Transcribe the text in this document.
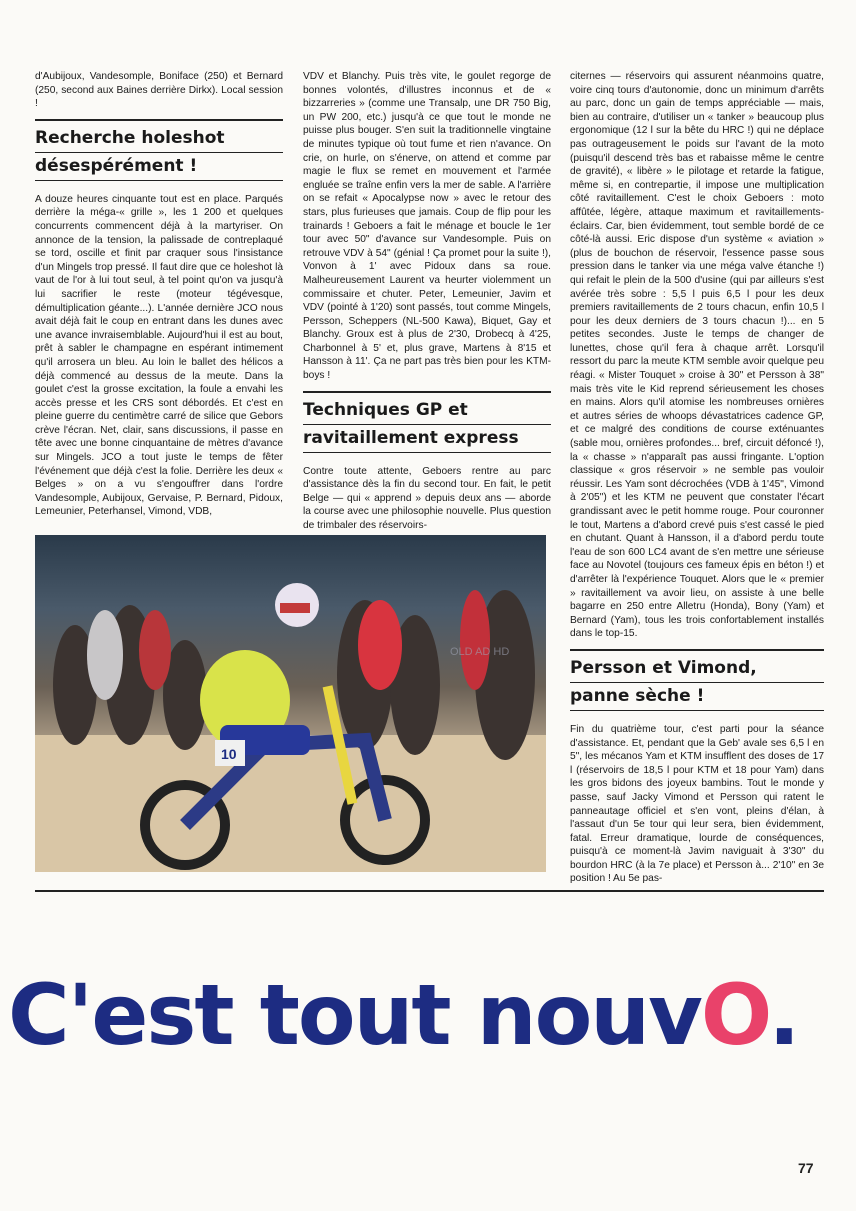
d'Aubijoux, Vandesomple, Boniface (250) et Bernard (250, second aux Baines derrière Dirkx). Local session !

Recherche holeshot
désespérément !

A douze heures cinquante tout est en place. Parqués derrière la méga-« grille », les 1 200 et quelques concurrents commencent déjà à la martyriser. On annonce de la tension, la palissade de contreplaqué se tord, oscille et finit par craquer sous l'insistance d'un Mingels trop pressé. Il faut dire que ce holeshot là vaut de l'or à lui tout seul, à tel point qu'on va jusqu'à lui sacrifier le reste (moteur tégévesque, démultiplication géante...). L'année dernière JCO nous avait déjà fait le coup en entrant dans les dunes avec une avance invraisemblable. Aujourd'hui il est au bout, prêt à sabler le champagne en espérant intimement qu'il arrosera un bleu. Au loin le ballet des hélicos a déjà commencé au dessus de la meute. Dans la goulet c'est la grosse excitation, la foule a envahi les accès presse et les CRS sont débordés. Et c'est en pleine guerre du centimètre carré de silice que Gebors crève l'écran. Net, clair, sans discussions, il passe en tête avec une bonne cinquantaine de mètres d'avance sur Mingels. JCO a tout juste le temps de fêter l'événement que déjà c'est la folie. Derrière les deux « Belges » on a vu s'engouffrer dans l'ordre Vandesomple, Aubijoux, Gervaise, P. Bernard, Pidoux, Lemeunier, Peterhansel, Vimond, VDB,

VDV et Blanchy. Puis très vite, le goulet regorge de bonnes volontés, d'illustres inconnus et de « bizzarreries » (comme une Transalp, une DR 750 Big, un PW 200, etc.) jusqu'à ce que tout le monde ne puisse plus bouger. S'en suit la traditionnelle vingtaine de minutes typique où tout fume et rien n'avance. On crie, on hurle, on s'énerve, on attend et comme par magie le flux se remet en mouvement et l'armée engluée se traîne enfin vers la mer de sable. A l'arrière on se refait « Apocalypse now » avec le retour des stars, plus furieuses que jamais. Coup de flip pour les trainards ! Geboers a fait le ménage et boucle le 1er tour avec 50" d'avance sur Vandesomple. Puis on retrouve VDV à 54" (génial ! Ça promet pour la suite !), Vonvon à 1' avec Pidoux dans sa roue. Malheureusement Laurent va heurter violemment un commissaire et chuter. Peter, Lemeunier, Javim et VDV (pointé à 1'20) sont passés, tout comme Mingels, Persson, Scheppers (NL-500 Kawa), Biquet, Gay et Blanchy. Groux est à plus de 2'30, Drobecq à 4'25, Charbonnel à 5' et, plus grave, Martens à 8'15 et Hansson à 11'. Ça ne part pas très bien pour les KTM-boys !

Techniques GP et
ravitaillement express

Contre toute attente, Geboers rentre au parc d'assistance dès la fin du second tour. En fait, le petit Belge — qui « apprend » depuis deux ans — aborde la course avec une philosophie nouvelle. Plus question de trimbaler des réservoirs-

citernes — réservoirs qui assurent néanmoins quatre, voire cinq tours d'autonomie, donc un minimum d'arrêts au parc, donc un gain de temps appréciable — mais, bien au contraire, d'utiliser un « tanker » beaucoup plus ergonomique (12 l sur la bête du HRC !) qui ne déplace pas outrageusement le poids sur l'avant de la moto (puisqu'il descend très bas et rabaisse même le centre de gravité), « libère » le pilotage et retarde la fatigue, même si, en contrepartie, il impose une multiplication côté ravitaillement. C'est le choix Geboers : moto affûtée, légère, attaque maximum et ravitaillements-éclairs. Car, bien évidemment, tout semble bordé de ce côté-là aussi. Eric dispose d'un système « aviation » (plus de bouchon de réservoir, l'essence passe sous pression dans le tanker via une méga valve étanche !) qui refait le plein de la 500 d'usine (qui par ailleurs s'est avérée très sobre : 5,5 l puis 6,5 l pour les deux premiers ravitaillements de 2 tours chacun, enfin 10,5 l pour les deux derniers de 3 tours chacun !)... en 5 petites secondes. Juste le temps de changer de lunettes, chose qu'il fera à chaque arrêt. Lorsqu'il ressort du parc la meute KTM semble avoir quelque peu réagi. « Mister Touquet » croise à 30" et Persson à 38" mais très vite le Kid reprend sérieusement les choses en mains. Alors qu'il atomise les nombreuses ornières et autres séries de whoops dévastatrices cadence GP, et ce malgré des conditions de course exténuantes (sable mou, ornières profondes... bref, circuit défoncé !), la « chasse » n'apparaît pas aussi fringante. L'option classique « gros réservoir » ne semble pas vouloir réussir. Les Yam sont décrochées (VDB à 1'45", Vimond à 2'05") et les KTM ne peuvent que constater l'écart grandissant avec le petit homme rouge. Pour couronner le tout, Martens a d'abord crevé puis s'est cassé le pied en chutant. Quant à Hansson, il a d'abord perdu toute l'eau de son 600 LC4 avant de s'en mettre une sérieuse face au Novotel (toujours ces fameux épis en béton !) et d'arrêter là l'expérience Touquet. Alors que le « premier » ravitaillement va avoir lieu, on assiste à une belle bagarre en 250 entre Alletru (Honda), Bony (Yam) et Bernard (Yam), tous les trois confortablement installés dans le top-15.

Persson et Vimond,
panne sèche !

Fin du quatrième tour, c'est parti pour la séance d'assistance. Et, pendant que la Geb' avale ses 6,5 l en 5", les mécanos Yam et KTM insufflent des doses de 17 l (réservoirs de 18,5 l pour KTM et 18 pour Yam) dans les gros bidons des joyeux bambins. Tout le monde y passe, sauf Jacky Vimond et Persson qui ratent le panneautage officiel et s'en vont, pleins d'élan, à l'assaut d'un 5e tour qui leur sera, bien évidemment, fatal. Erreur dramatique, lourde de conséquences, puisqu'à ce moment-là Javim naviguait à 3'30" du bourdon HRC (à la 7e place) et Persson à... 2'10" en 3e position ! Au 5e pas-

10
OLD AD HD
C'est tout nouvO.
77
